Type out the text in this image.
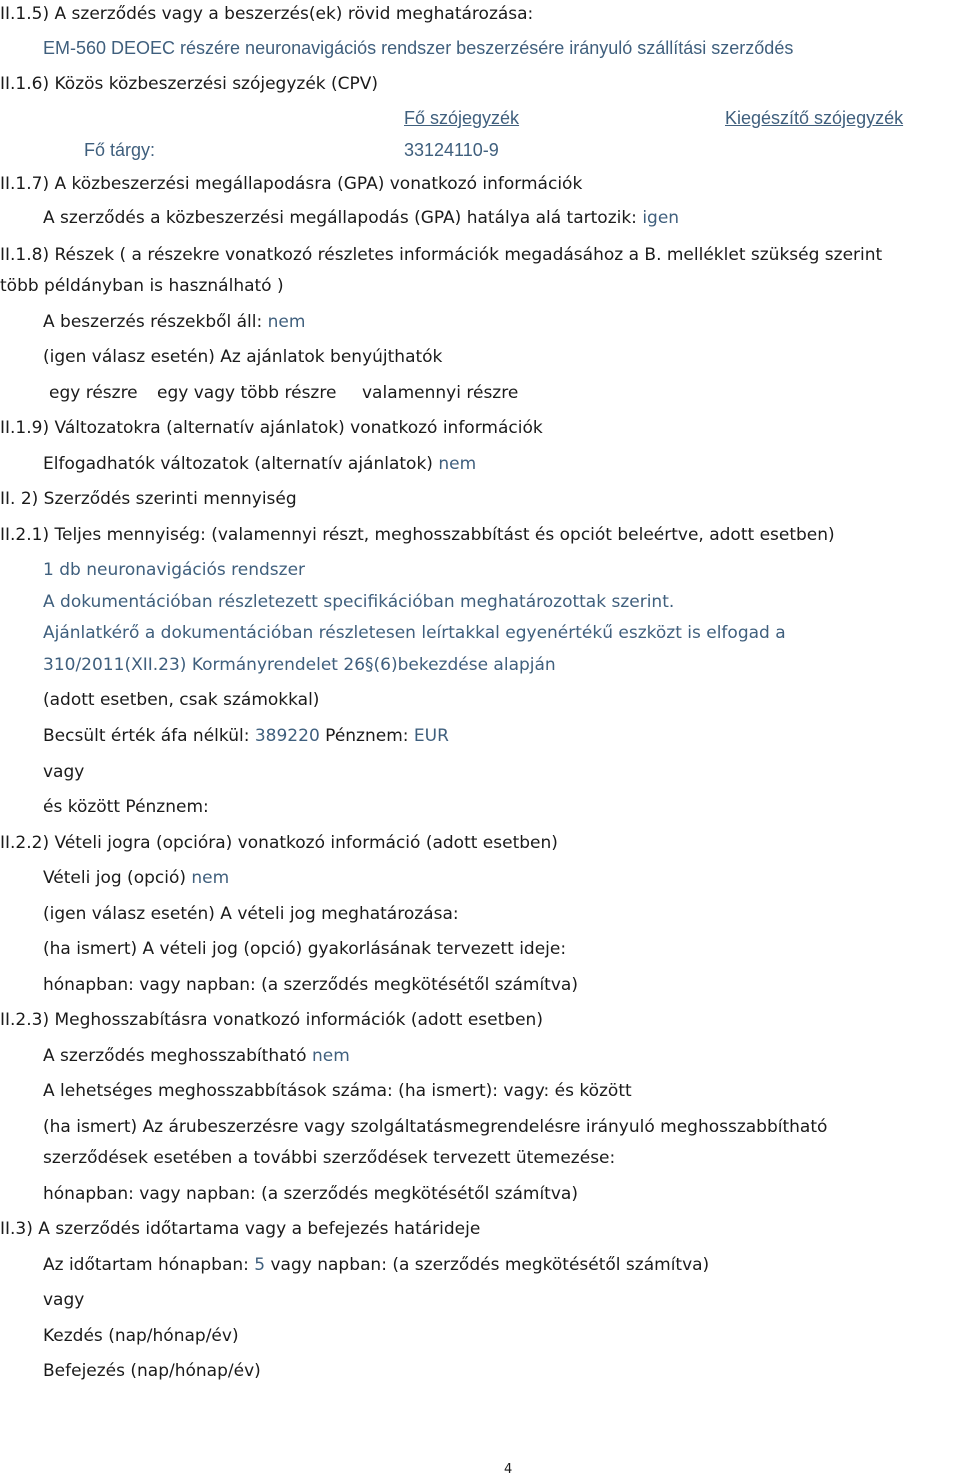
II.1.5) A szerződés vagy a beszerzés(ek) rövid meghatározása:
EM-560 DEOEC részére neuronavigációs rendszer beszerzésére irányuló szállítási szerződés
II.1.6) Közös közbeszerzési szójegyzék (CPV)
Fő szójegyzék	Kiegészítő szójegyzék
Fő tárgy:	33124110-9
II.1.7) A közbeszerzési megállapodásra (GPA) vonatkozó információk
A szerződés a közbeszerzési megállapodás (GPA) hatálya alá tartozik: igen
II.1.8) Részek ( a részekre vonatkozó részletes információk megadásához a B. melléklet szükség szerint
több példányban is használható )
A beszerzés részekből áll: nem
(igen válasz esetén) Az ajánlatok benyújthatók
egy részre egy vagy több részre valamennyi részre
II.1.9) Változatokra (alternatív ajánlatok) vonatkozó információk
Elfogadhatók változatok (alternatív ajánlatok) nem
II. 2) Szerződés szerinti mennyiség
II.2.1) Teljes mennyiség: (valamennyi részt, meghosszabbítást és opciót beleértve, adott esetben)
1 db neuronavigációs rendszer
A dokumentációban részletezett specifikációban meghatározottak szerint.
Ajánlatkérő a dokumentációban részletesen leírtakkal egyenértékű eszközt is elfogad a
310/2011(XII.23) Kormányrendelet 26§(6)bekezdése alapján
(adott esetben, csak számokkal)
Becsült érték áfa nélkül: 389220 Pénznem: EUR
vagy
és között Pénznem:
II.2.2) Vételi jogra (opcióra) vonatkozó információ (adott esetben)
Vételi jog (opció) nem
(igen válasz esetén) A vételi jog meghatározása:
(ha ismert) A vételi jog (opció) gyakorlásának tervezett ideje:
hónapban: vagy napban: (a szerződés megkötésétől számítva)
II.2.3) Meghosszabításra vonatkozó információk (adott esetben)
A szerződés meghosszabítható nem
A lehetséges meghosszabbítások száma: (ha ismert): vagy: és között
(ha ismert) Az árubeszerzésre vagy szolgáltatásmegrendelésre irányuló meghosszabbítható
szerződések esetében a további szerződések tervezett ütemezése:
hónapban: vagy napban: (a szerződés megkötésétől számítva)
II.3) A szerződés időtartama vagy a befejezés határideje
Az időtartam hónapban: 5 vagy napban: (a szerződés megkötésétől számítva)
vagy
Kezdés (nap/hónap/év)
Befejezés (nap/hónap/év)
4
